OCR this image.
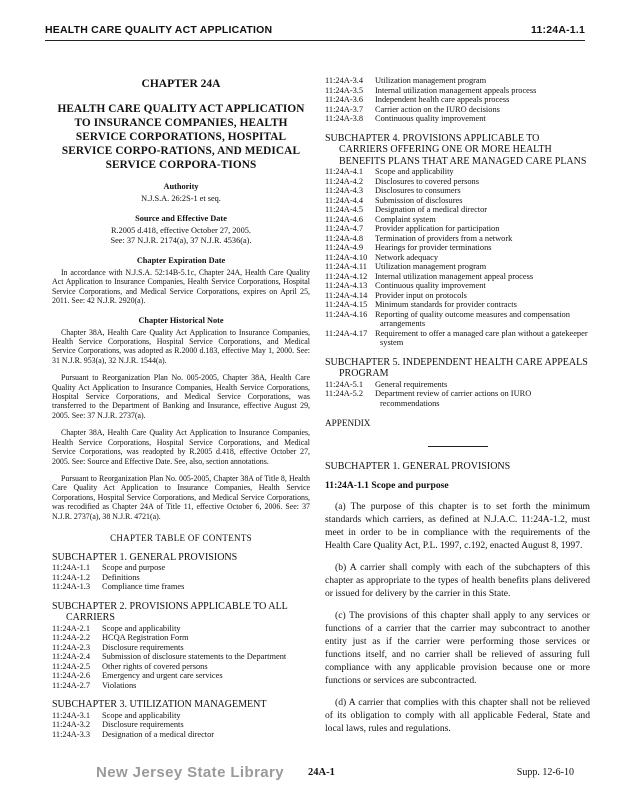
HEALTH CARE QUALITY ACT APPLICATION	11:24A-1.1
CHAPTER 24A
HEALTH CARE QUALITY ACT APPLICATION TO INSURANCE COMPANIES, HEALTH SERVICE CORPORATIONS, HOSPITAL SERVICE CORPO-RATIONS, AND MEDICAL SERVICE CORPORA-TIONS
Authority
N.J.S.A. 26:2S-1 et seq.
Source and Effective Date
R.2005 d.418, effective October 27, 2005.
See: 37 N.J.R. 2174(a), 37 N.J.R. 4536(a).
Chapter Expiration Date
In accordance with N.J.S.A. 52:14B-5.1c, Chapter 24A, Health Care Quality Act Application to Insurance Companies, Health Service Corporations, Hospital Service Corporations, and Medical Service Corporations, expires on April 25, 2011. See: 42 N.J.R. 2920(a).
Chapter Historical Note
Chapter 38A, Health Care Quality Act Application to Insurance Companies, Health Service Corporations, Hospital Service Corporations, and Medical Service Corporations, was adopted as R.2000 d.183, effective May 1, 2000. See: 31 N.J.R. 953(a), 32 N.J.R. 1544(a).
Pursuant to Reorganization Plan No. 005-2005, Chapter 38A, Health Care Quality Act Application to Insurance Companies, Health Service Corporations, Hospital Service Corporations, and Medical Service Corporations, was transferred to the Department of Banking and Insurance, effective August 29, 2005. See: 37 N.J.R. 2737(a).
Chapter 38A, Health Care Quality Act Application to Insurance Companies, Health Service Corporations, Hospital Service Corporations, and Medical Service Corporations, was readopted by R.2005 d.418, effective October 27, 2005. See: Source and Effective Date. See, also, section annotations.
Pursuant to Reorganization Plan No. 005-2005, Chapter 38A of Title 8, Health Care Quality Act Application to Insurance Companies, Health Service Corporations, Hospital Service Corporations, and Medical Service Corporations, was recodified as Chapter 24A of Title 11, effective October 6, 2006. See: 37 N.J.R. 2737(a), 38 N.J.R. 4721(a).
CHAPTER TABLE OF CONTENTS
SUBCHAPTER 1. GENERAL PROVISIONS
11:24A-1.1	Scope and purpose
11:24A-1.2	Definitions
11:24A-1.3	Compliance time frames
SUBCHAPTER 2. PROVISIONS APPLICABLE TO ALL CARRIERS
11:24A-2.1	Scope and applicability
11:24A-2.2	HCQA Registration Form
11:24A-2.3	Disclosure requirements
11:24A-2.4	Submission of disclosure statements to the Department
11:24A-2.5	Other rights of covered persons
11:24A-2.6	Emergency and urgent care services
11:24A-2.7	Violations
SUBCHAPTER 3. UTILIZATION MANAGEMENT
11:24A-3.1	Scope and applicability
11:24A-3.2	Disclosure requirements
11:24A-3.3	Designation of a medical director
11:24A-3.4	Utilization management program
11:24A-3.5	Internal utilization management appeals process
11:24A-3.6	Independent health care appeals process
11:24A-3.7	Carrier action on the IURO decisions
11:24A-3.8	Continuous quality improvement
SUBCHAPTER 4. PROVISIONS APPLICABLE TO CARRIERS OFFERING ONE OR MORE HEALTH BENEFITS PLANS THAT ARE MANAGED CARE PLANS
11:24A-4.1	Scope and applicability
11:24A-4.2	Disclosures to covered persons
11:24A-4.3	Disclosures to consumers
11:24A-4.4	Submission of disclosures
11:24A-4.5	Designation of a medical director
11:24A-4.6	Complaint system
11:24A-4.7	Provider application for participation
11:24A-4.8	Termination of providers from a network
11:24A-4.9	Hearings for provider terminations
11:24A-4.10 Network adequacy
11:24A-4.11 Utilization management program
11:24A-4.12 Internal utilization management appeal process
11:24A-4.13 Continuous quality improvement
11:24A-4.14 Provider input on protocols
11:24A-4.15 Minimum standards for provider contracts
11:24A-4.16 Reporting of quality outcome measures and compensation arrangements
11:24A-4.17 Requirement to offer a managed care plan without a gatekeeper system
SUBCHAPTER 5. INDEPENDENT HEALTH CARE APPEALS PROGRAM
11:24A-5.1	General requirements
11:24A-5.2	Department review of carrier actions on IURO recommendations
APPENDIX
SUBCHAPTER 1. GENERAL PROVISIONS
11:24A-1.1 Scope and purpose
(a) The purpose of this chapter is to set forth the minimum standards which carriers, as defined at N.J.A.C. 11:24A-1.2, must meet in order to be in compliance with the requirements of the Health Care Quality Act, P.L. 1997, c.192, enacted August 8, 1997.
(b) A carrier shall comply with each of the subchapters of this chapter as appropriate to the types of health benefits plans delivered or issued for delivery by the carrier in this State.
(c) The provisions of this chapter shall apply to any services or functions of a carrier that the carrier may subcontract to another entity just as if the carrier were performing those services or functions itself, and no carrier shall be relieved of assuring full compliance with any applicable provision because one or more functions or services are subcontracted.
(d) A carrier that complies with this chapter shall not be relieved of its obligation to comply with all applicable Federal, State and local laws, rules and regulations.
New Jersey State Library 24A-1	Supp. 12-6-10
